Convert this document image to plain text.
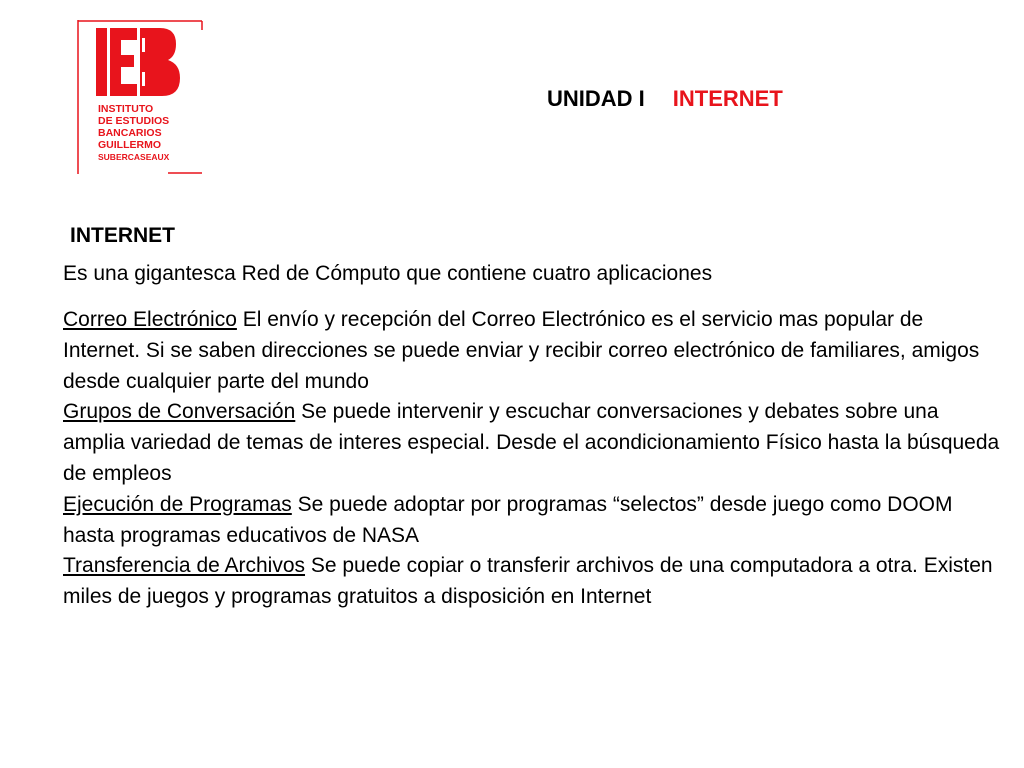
INSTITUTO
DE ESTUDIOS
BANCARIOS
GUILLERMO
SUBERCASEAUX
UNIDAD I INTERNET
INTERNET
Es una gigantesca Red de Cómputo que contiene cuatro aplicaciones

Correo Electrónico El envío y recepción del Correo Electrónico es el servicio mas popular de Internet. Si se saben direcciones se puede enviar y recibir correo electrónico de familiares, amigos desde cualquier parte del mundo

Grupos de Conversación Se puede intervenir y escuchar conversaciones y debates sobre una amplia variedad de temas de interes especial. Desde el acondicionamiento Físico hasta la búsqueda de empleos

Ejecución de Programas Se puede adoptar por programas “selectos” desde juego como DOOM hasta programas educativos de NASA

Transferencia de Archivos Se puede copiar o transferir archivos de una computadora a otra. Existen miles de juegos y programas gratuitos a disposición en Internet
